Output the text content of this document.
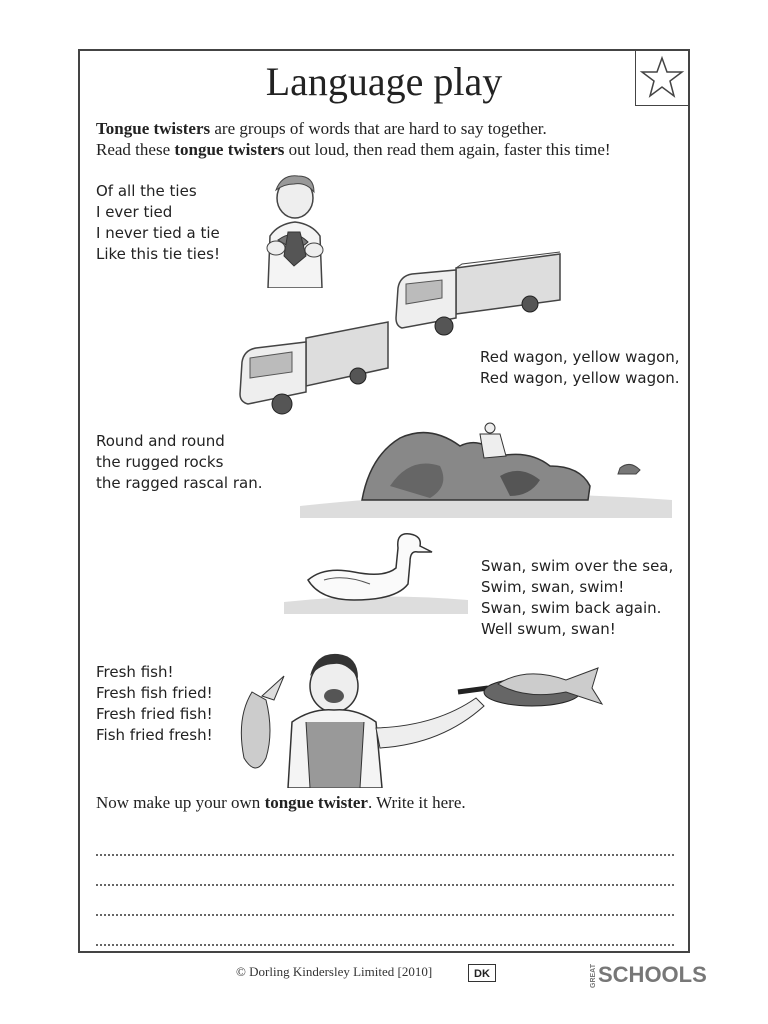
Language play
Tongue twisters are groups of words that are hard to say together.
Read these tongue twisters out loud, then read them again, faster this time!
Of all the ties
I ever tied
I never tied a tie
Like this tie ties!
Red wagon, yellow wagon,
Red wagon, yellow wagon.
Round and round
the rugged rocks
the ragged rascal ran.
Swan, swim over the sea,
Swim, swan, swim!
Swan, swim back again.
Well swum, swan!
Fresh fish!
Fresh fish fried!
Fresh fried fish!
Fish fried fresh!
Now make up your own tongue twister. Write it here.
© Dorling Kindersley Limited [2010]	DK	GREATSCHOOLS
